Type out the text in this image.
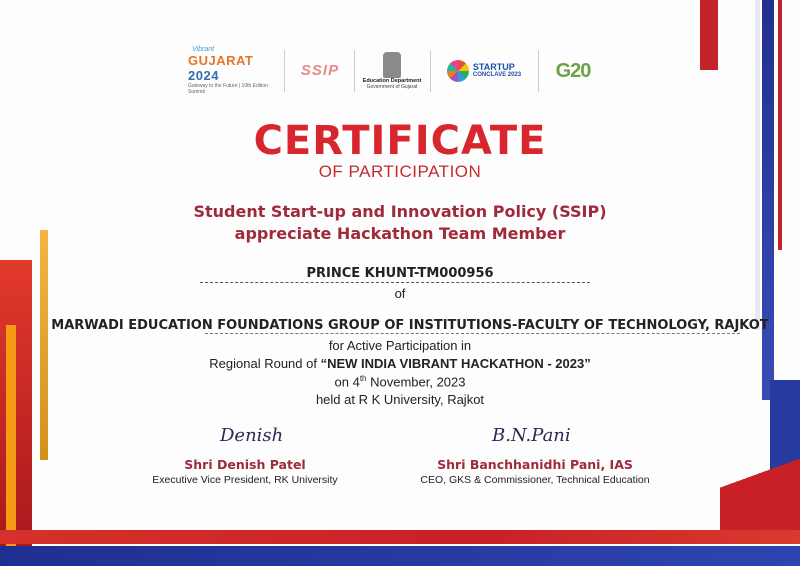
Vibrant
GUJARAT 2024
Gateway to the Future | 10th Edition Summit
SSIP
Education Department
Government of Gujarat
STARTUP
CONCLAVE 2023 G20
CERTIFICATE
OF PARTICIPATION
Student Start-up and Innovation Policy (SSIP)
appreciate Hackathon Team Member
PRINCE KHUNT-TM000956
of
MARWADI EDUCATION FOUNDATIONS GROUP OF INSTITUTIONS-FACULTY OF TECHNOLOGY, RAJKOT
for Active Participation in
Regional Round of “NEW INDIA VIBRANT HACKATHON - 2023”
on 4th November, 2023
held at R K University, Rajkot
Denish
Shri Denish Patel
Executive Vice President, RK University
B.N.Pani
Shri Banchhanidhi Pani, IAS
CEO, GKS & Commissioner, Technical Education
